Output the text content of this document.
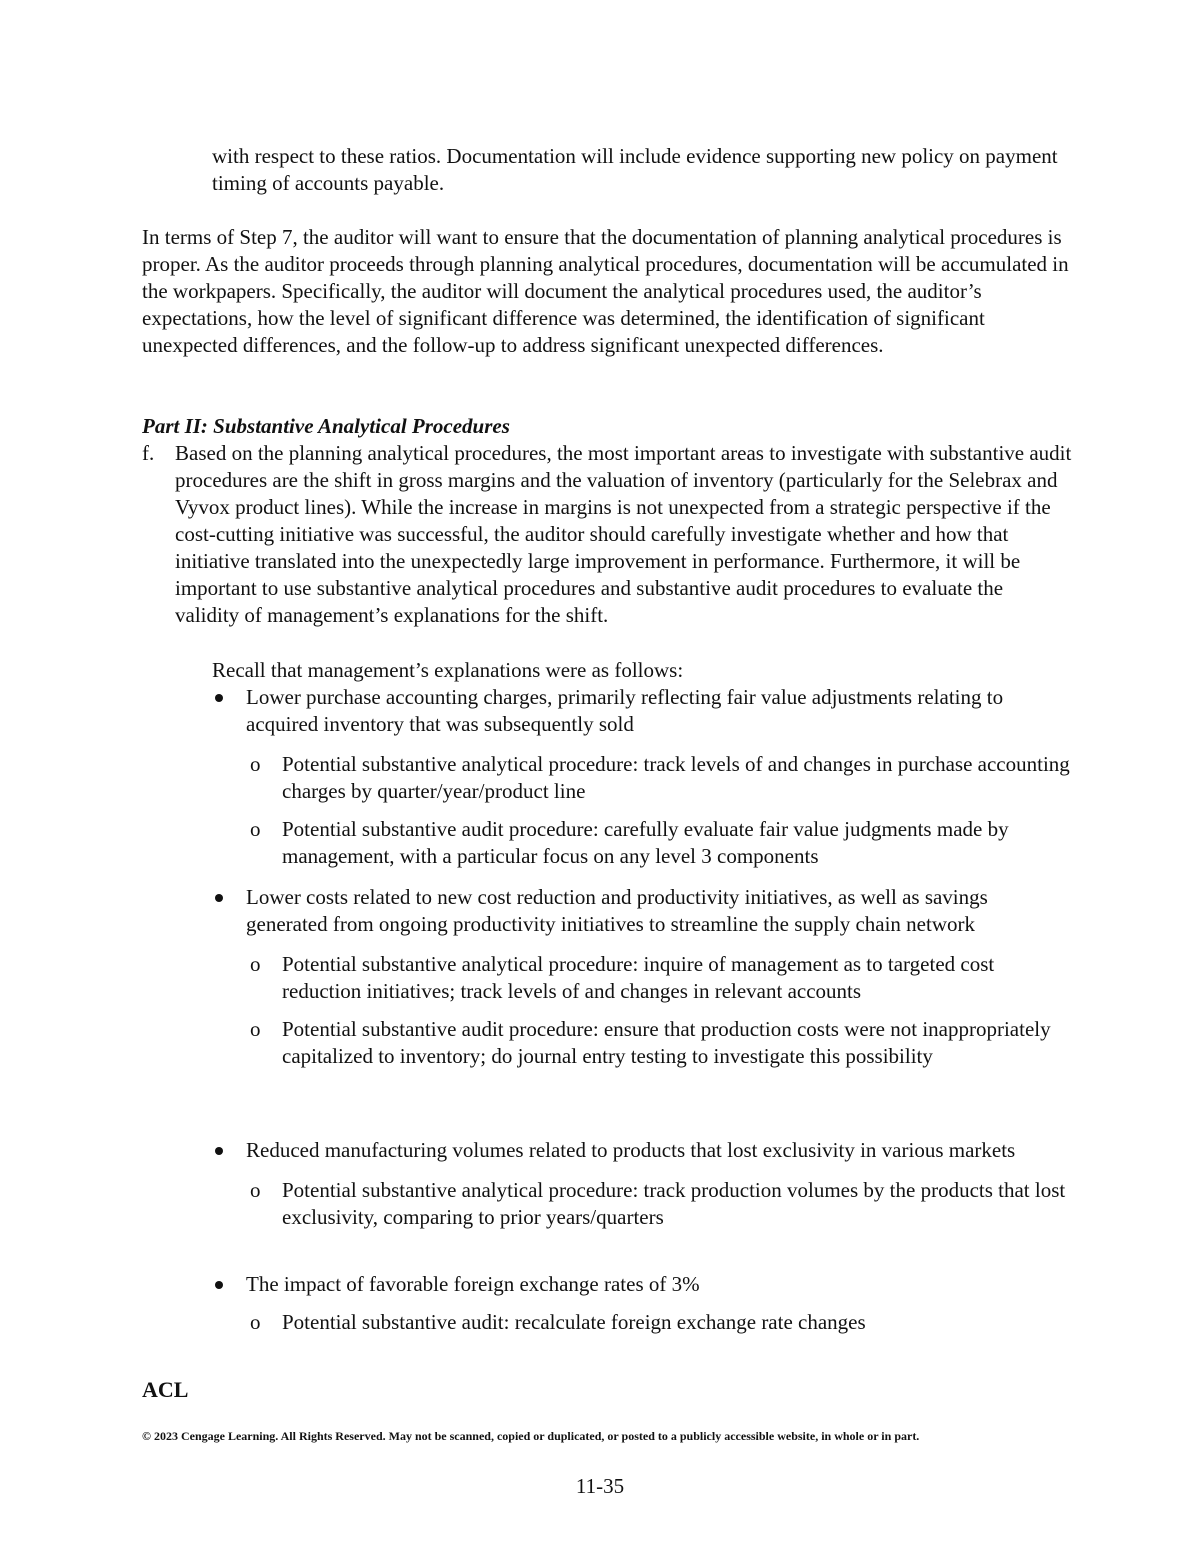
with respect to these ratios. Documentation will include evidence supporting new policy on payment timing of accounts payable.

In terms of Step 7, the auditor will want to ensure that the documentation of planning analytical procedures is proper. As the auditor proceeds through planning analytical procedures, documentation will be accumulated in the workpapers. Specifically, the auditor will document the analytical procedures used, the auditor’s expectations, how the level of significant difference was determined, the identification of significant unexpected differences, and the follow-up to address significant unexpected differences.

Part II: Substantive Analytical Procedures
f. Based on the planning analytical procedures, the most important areas to investigate with substantive audit procedures are the shift in gross margins and the valuation of inventory (particularly for the Selebrax and Vyvox product lines). While the increase in margins is not unexpected from a strategic perspective if the cost-cutting initiative was successful, the auditor should carefully investigate whether and how that initiative translated into the unexpectedly large improvement in performance. Furthermore, it will be important to use substantive analytical procedures and substantive audit procedures to evaluate the validity of management’s explanations for the shift.
Recall that management’s explanations were as follows:
Lower purchase accounting charges, primarily reflecting fair value adjustments relating to acquired inventory that was subsequently sold
o Potential substantive analytical procedure: track levels of and changes in purchase accounting charges by quarter/year/product line
o Potential substantive audit procedure: carefully evaluate fair value judgments made by management, with a particular focus on any level 3 components
Lower costs related to new cost reduction and productivity initiatives, as well as savings generated from ongoing productivity initiatives to streamline the supply chain network
o Potential substantive analytical procedure: inquire of management as to targeted cost reduction initiatives; track levels of and changes in relevant accounts
o Potential substantive audit procedure: ensure that production costs were not inappropriately capitalized to inventory; do journal entry testing to investigate this possibility
Reduced manufacturing volumes related to products that lost exclusivity in various markets
o Potential substantive analytical procedure: track production volumes by the products that lost exclusivity, comparing to prior years/quarters
The impact of favorable foreign exchange rates of 3%
o Potential substantive audit: recalculate foreign exchange rate changes
ACL
© 2023 Cengage Learning. All Rights Reserved. May not be scanned, copied or duplicated, or posted to a publicly accessible website, in whole or in part.
11-35
